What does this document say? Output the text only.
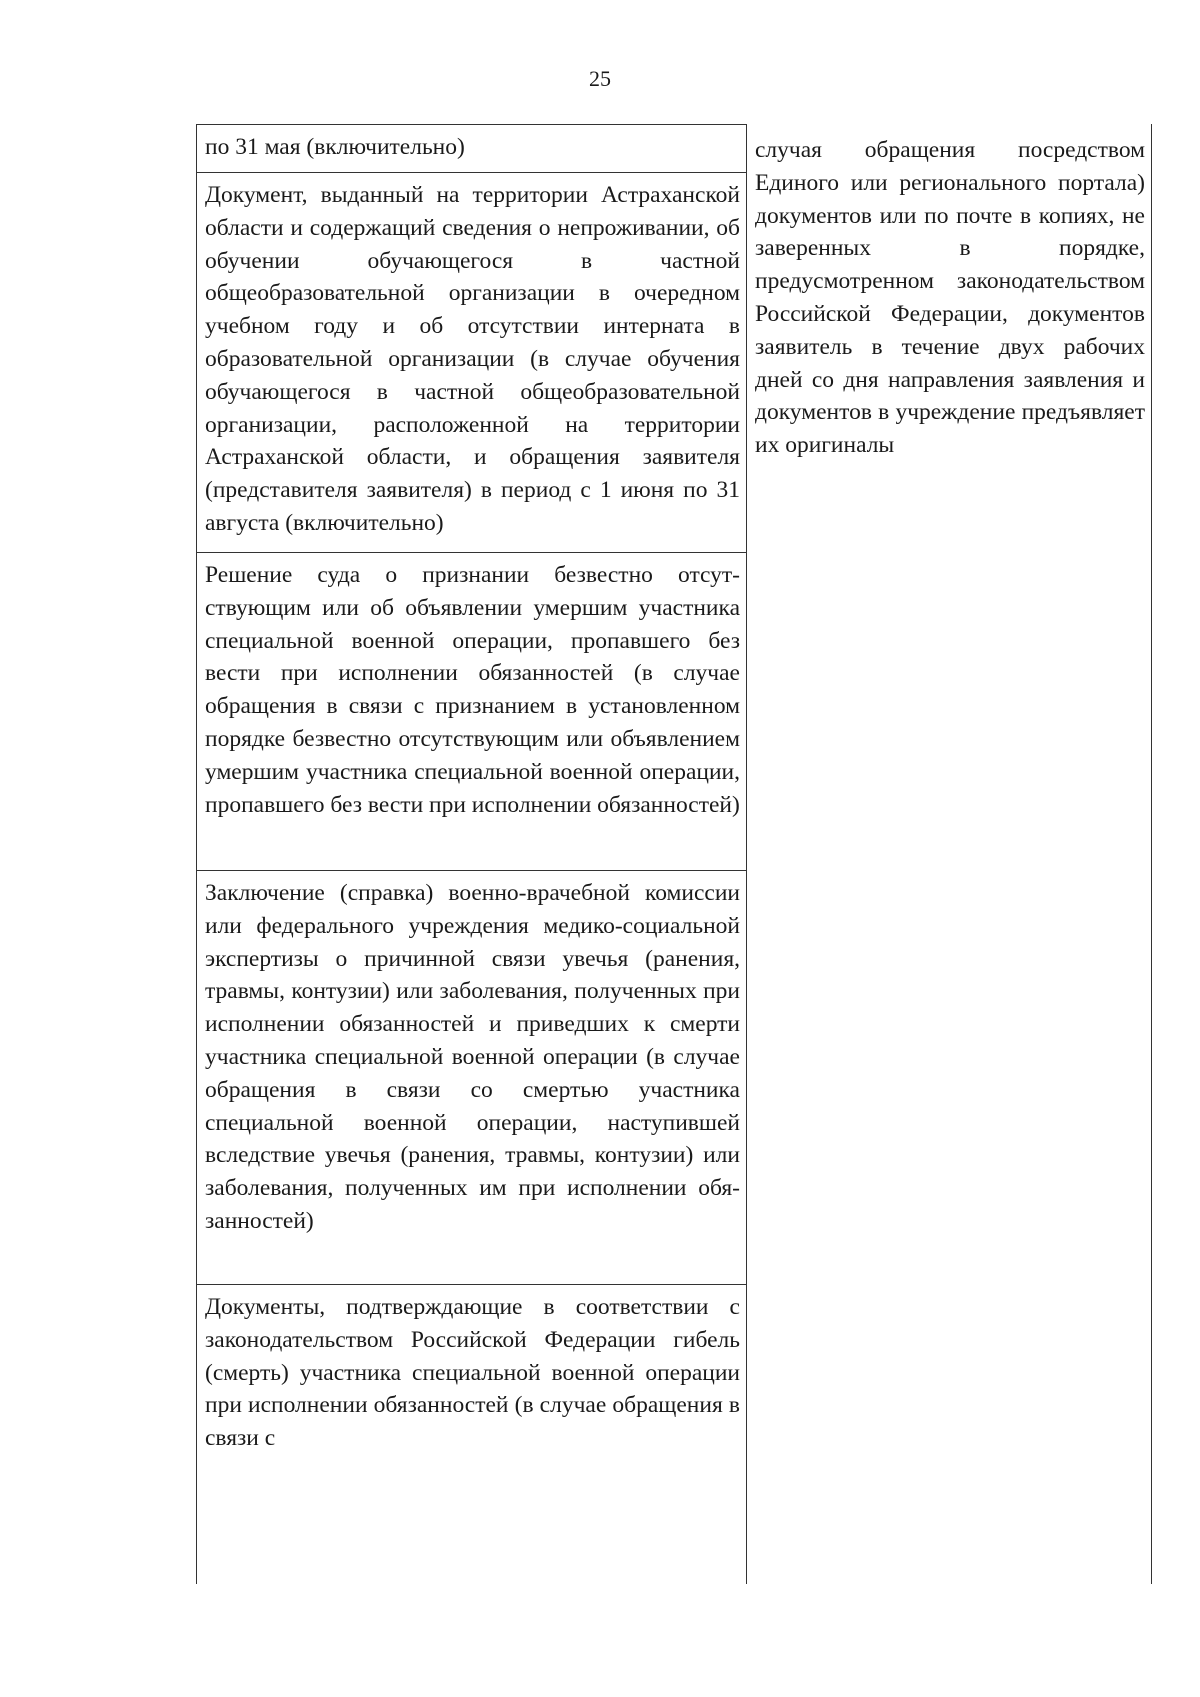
25
по 31 мая (включительно)
Документ, выданный на территории Астраханской области и содержащий сведения о непроживании, об обучении обучающегося в частной общеобразовательной организации в очередном учебном году и об отсутствии интерната в образовательной организации (в случае обучения обучающегося в частной общеобразовательной организации, расположенной на территории Астраханской области, и обращения заявителя (представителя заявителя) в период с 1 июня по 31 августа (включительно)
Решение суда о признании безвестно отсутствующим или об объявлении умершим участника специальной военной операции, пропавшего без вести при исполнении обязанностей (в случае обращения в связи с признанием в установленном порядке безвестно отсутствующим или объявлением умершим участника специальной военной операции, пропавшего без вести при исполнении обязанностей)
Заключение (справка) военно-врачебной комиссии или федерального учреждения медико-социальной экспертизы о причинной связи увечья (ранения, травмы, контузии) или заболевания, полученных при исполнении обязанностей и приведших к смерти участника специальной военной операции (в случае обращения в связи со смертью участника специальной военной операции, наступившей вследствие увечья (ранения, травмы, контузии) или заболевания, полученных им при исполнении обязанностей)
Документы, подтверждающие в соответствии с законодательством Российской Федерации гибель (смерть) участника специальной военной операции при исполнении обязанностей (в случае обращения в связи с
случая обращения посредством Единого или регионального портала) документов или по почте в копиях, не заверенных в порядке, предусмотренном законодательством Российской Федерации, документов заявитель в течение двух рабочих дней со дня направления заявления и документов в учреждение предъявляет их оригиналы
